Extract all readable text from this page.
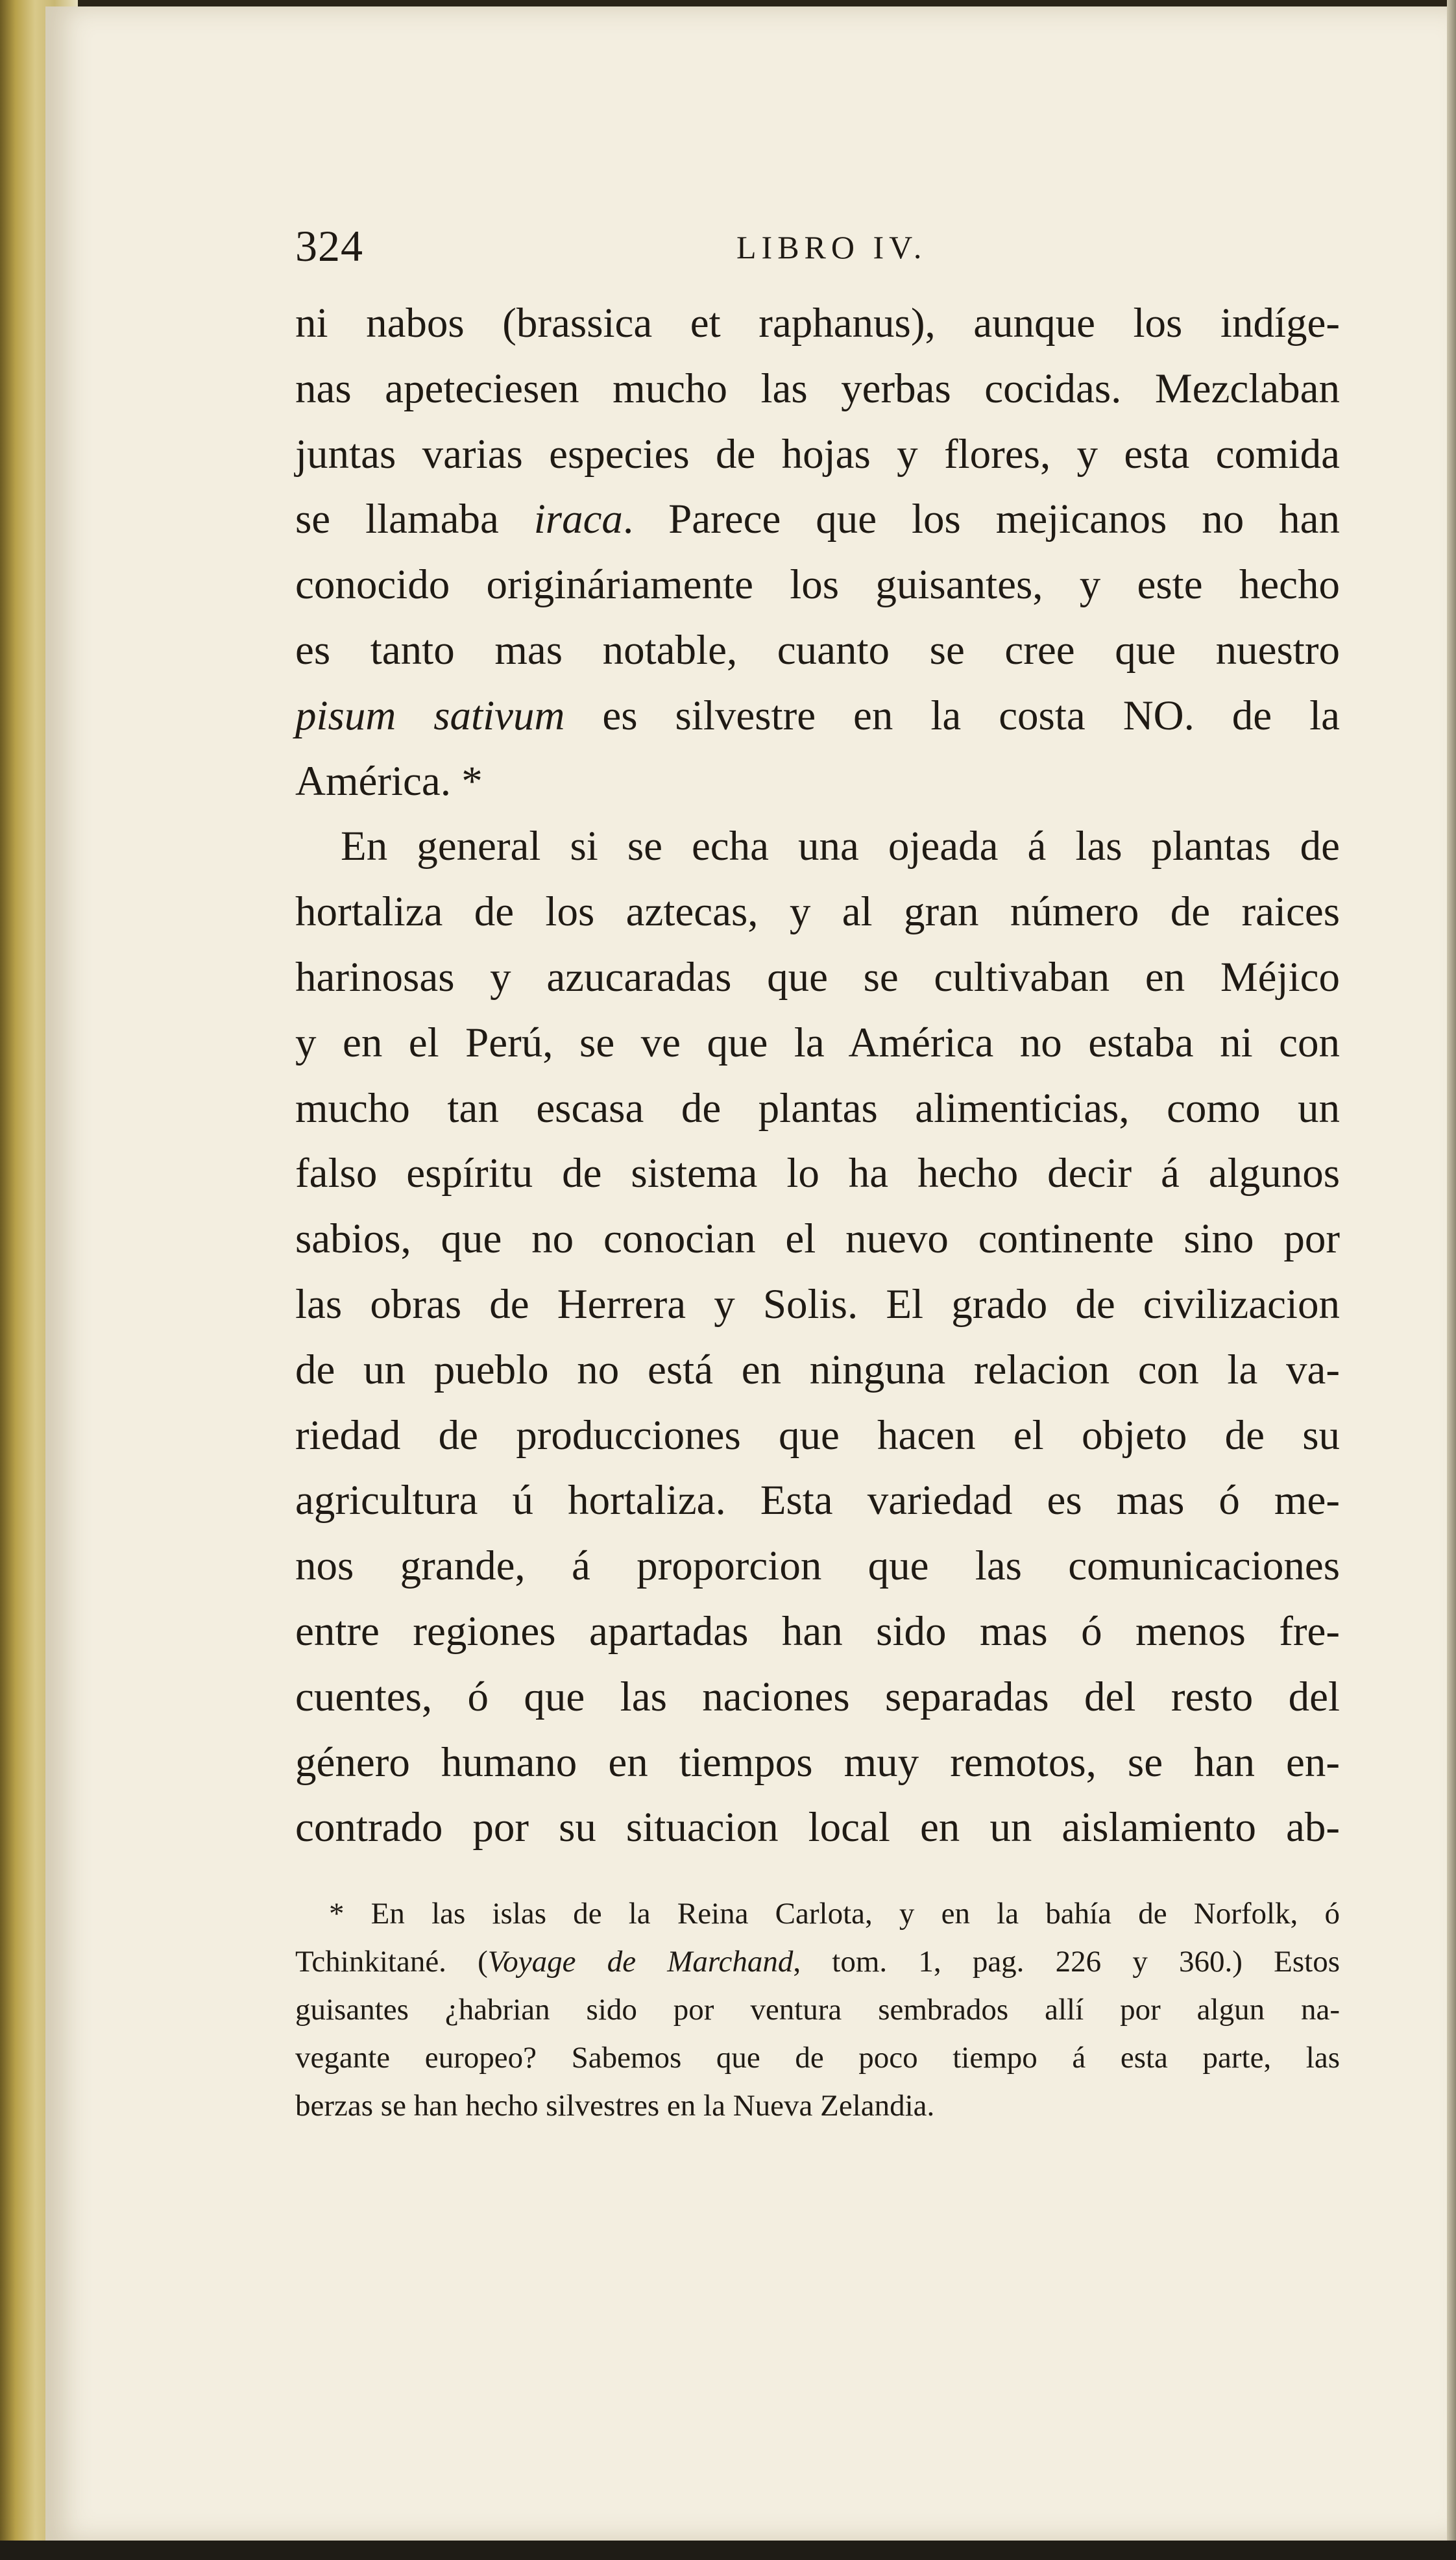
324	LIBRO IV.
ni nabos (brassica et raphanus), aunque los indíge-
nas apeteciesen mucho las yerbas cocidas. Mezclaban
juntas varias especies de hojas y flores, y esta comida
se llamaba iraca. Parece que los mejicanos no han
conocido origináriamente los guisantes, y este hecho
es tanto mas notable, cuanto se cree que nuestro
pisum sativum es silvestre en la costa NO. de la
América. *
En general si se echa una ojeada á las plantas de
hortaliza de los aztecas, y al gran número de raices
harinosas y azucaradas que se cultivaban en Méjico
y en el Perú, se ve que la América no estaba ni con
mucho tan escasa de plantas alimenticias, como un
falso espíritu de sistema lo ha hecho decir á algunos
sabios, que no conocian el nuevo continente sino por
las obras de Herrera y Solis. El grado de civilizacion
de un pueblo no está en ninguna relacion con la va-
riedad de producciones que hacen el objeto de su
agricultura ú hortaliza. Esta variedad es mas ó me-
nos grande, á proporcion que las comunicaciones
entre regiones apartadas han sido mas ó menos fre-
cuentes, ó que las naciones separadas del resto del
género humano en tiempos muy remotos, se han en-
contrado por su situacion local en un aislamiento ab-
* En las islas de la Reina Carlota, y en la bahía de Norfolk, ó
Tchinkitané. (Voyage de Marchand, tom. 1, pag. 226 y 360.) Estos
guisantes ¿habrian sido por ventura sembrados allí por algun na-
vegante europeo? Sabemos que de poco tiempo á esta parte, las
berzas se han hecho silvestres en la Nueva Zelandia.
